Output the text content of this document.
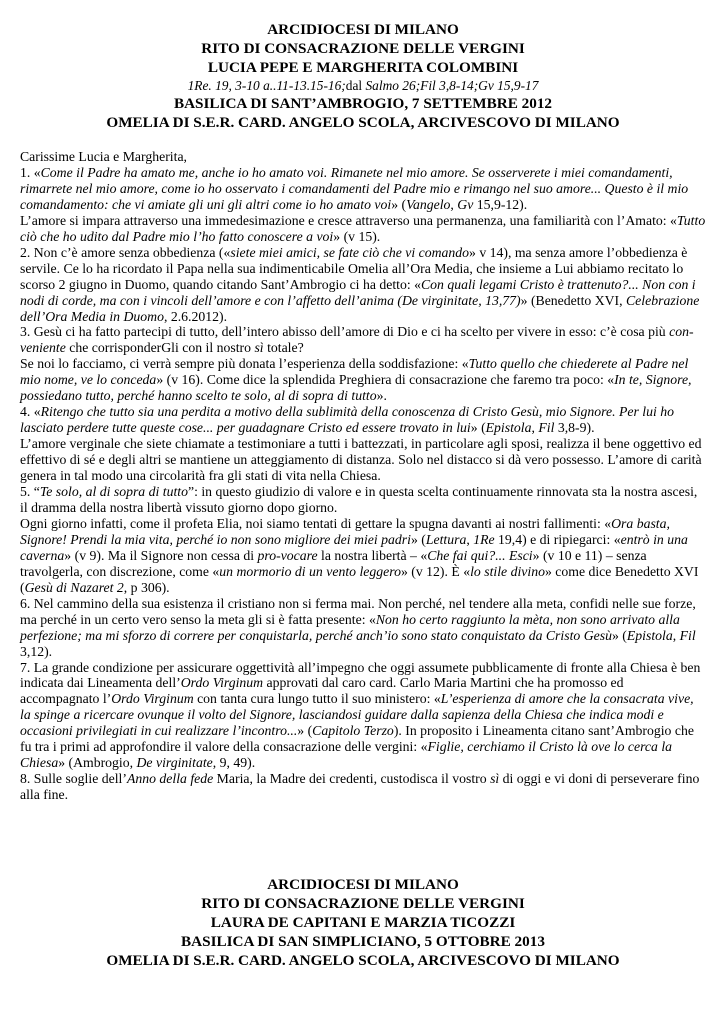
ARCIDIOCESI DI MILANO
RITO DI CONSACRAZIONE DELLE VERGINI
LUCIA PEPE E MARGHERITA COLOMBINI
1Re. 19, 3-10 a..11-13.15-16;dal Salmo 26;Fil 3,8-14;Gv 15,9-17
BASILICA DI SANT’AMBROGIO, 7 SETTEMBRE 2012
OMELIA DI S.E.R. CARD. ANGELO SCOLA, ARCIVESCOVO DI MILANO

Carissime Lucia e Margherita,

1. «Come il Padre ha amato me, anche io ho amato voi. Rimanete nel mio amore. Se osserverete i miei comandamenti, rimarrete nel mio amore, come io ho osservato i comandamenti del Padre mio e rimango nel suo amore... Questo è il mio comandamento: che vi amiate gli uni gli altri come io ho amato voi» (Vangelo, Gv 15,9-12).

L’amore si impara attraverso una immedesimazione e cresce attraverso una permanenza, una familiarità con l’Amato: «Tutto ciò che ho udito dal Padre mio l’ho fatto conoscere a voi» (v 15).

2. Non c’è amore senza obbedienza («siete miei amici, se fate ciò che vi comando» v 14), ma senza amore l’obbedienza è servile. Ce lo ha ricordato il Papa nella sua indimenticabile Omelia all’Ora Media, che insieme a Lui abbiamo recitato lo scorso 2 giugno in Duomo, quando citando Sant’Ambrogio ci ha detto: «Con quali legami Cristo è trattenuto?... Non con i nodi di corde, ma con i vincoli dell’amore e con l’affetto dell’anima (De virginitate, 13,77)» (Benedetto XVI, Celebrazione dell’Ora Media in Duomo, 2.6.2012).

3. Gesù ci ha fatto partecipi di tutto, dell’intero abisso dell’amore di Dio e ci ha scelto per vivere in esso: c’è cosa più con-veniente che corrisponderGli con il nostro sì totale?

Se noi lo facciamo, ci verrà sempre più donata l’esperienza della soddisfazione: «Tutto quello che chiederete al Padre nel mio nome, ve lo conceda» (v 16). Come dice la splendida Preghiera di consacrazione che faremo tra poco: «In te, Signore, possiedano tutto, perché hanno scelto te solo, al di sopra di tutto».

4. «Ritengo che tutto sia una perdita a motivo della sublimità della conoscenza di Cristo Gesù, mio Signore. Per lui ho lasciato perdere tutte queste cose... per guadagnare Cristo ed essere trovato in lui» (Epistola, Fil 3,8-9).

L’amore verginale che siete chiamate a testimoniare a tutti i battezzati, in particolare agli sposi, realizza il bene oggettivo ed effettivo di sé e degli altri se mantiene un atteggiamento di distanza. Solo nel distacco si dà vero possesso. L’amore di carità genera in tal modo una circolarità fra gli stati di vita nella Chiesa.

5. “Te solo, al di sopra di tutto”: in questo giudizio di valore e in questa scelta continuamente rinnovata sta la nostra ascesi, il dramma della nostra libertà vissuto giorno dopo giorno.

Ogni giorno infatti, come il profeta Elia, noi siamo tentati di gettare la spugna davanti ai nostri fallimenti: «Ora basta, Signore! Prendi la mia vita, perché io non sono migliore dei miei padri» (Lettura, 1Re 19,4) e di ripiegarci: «entrò in una caverna» (v 9). Ma il Signore non cessa di pro-vocare la nostra libertà – «Che fai qui?... Esci» (v 10 e 11) – senza travolgerla, con discrezione, come «un mormorio di un vento leggero» (v 12). È «lo stile divino» come dice Benedetto XVI (Gesù di Nazaret 2, p 306).

6. Nel cammino della sua esistenza il cristiano non si ferma mai. Non perché, nel tendere alla meta, confidi nelle sue forze, ma perché in un certo vero senso la meta gli si è fatta presente: «Non ho certo raggiunto la mèta, non sono arrivato alla perfezione; ma mi sforzo di correre per conquistarla, perché anch’io sono stato conquistato da Cristo Gesù» (Epistola, Fil 3,12).

7. La grande condizione per assicurare oggettività all’impegno che oggi assumete pubblicamente di fronte alla Chiesa è ben indicata dai Lineamenta dell’Ordo Virginum approvati dal caro card. Carlo Maria Martini che ha promosso ed accompagnato l’Ordo Virginum con tanta cura lungo tutto il suo ministero: «L’esperienza di amore che la consacrata vive, la spinge a ricercare ovunque il volto del Signore, lasciandosi guidare dalla sapienza della Chiesa che indica modi e occasioni privilegiati in cui realizzare l’incontro...» (Capitolo Terzo). In proposito i Lineamenta citano sant’Ambrogio che fu tra i primi ad approfondire il valore della consacrazione delle vergini: «Figlie, cerchiamo il Cristo là ove lo cerca la Chiesa» (Ambrogio, De virginitate, 9, 49).

8. Sulle soglie dell’Anno della fede Maria, la Madre dei credenti, custodisca il vostro sì di oggi e vi doni di perseverare fino alla fine.

ARCIDIOCESI DI MILANO
RITO DI CONSACRAZIONE DELLE VERGINI
LAURA DE CAPITANI E MARZIA TICOZZI
BASILICA DI SAN SIMPLICIANO, 5 OTTOBRE 2013
OMELIA DI S.E.R. CARD. ANGELO SCOLA, ARCIVESCOVO DI MILANO
